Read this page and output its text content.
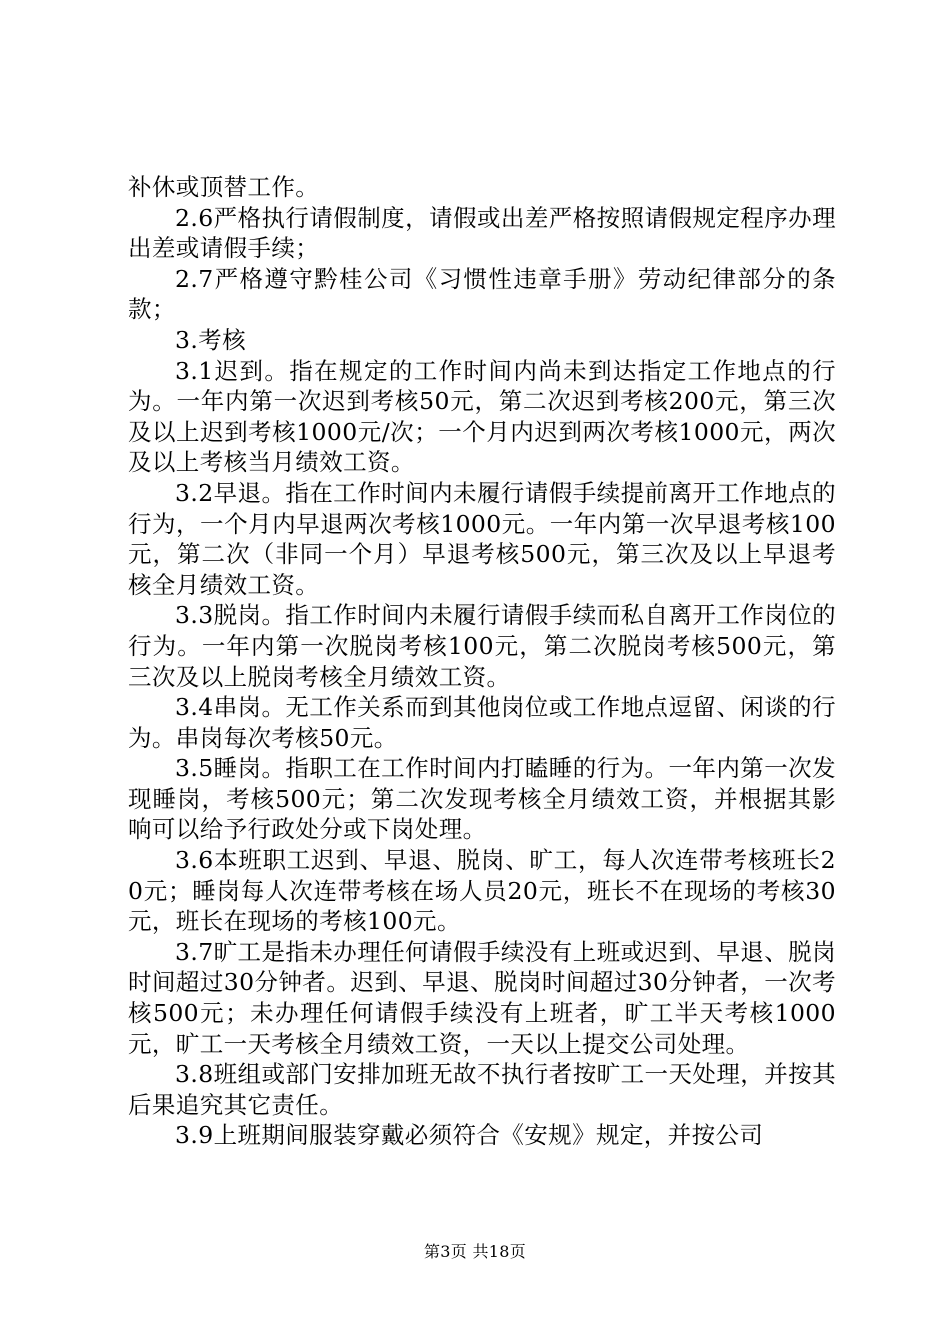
补休或顶替工作。

2.6严格执行请假制度，请假或出差严格按照请假规定程序办理出差或请假手续；

2.7严格遵守黔桂公司《习惯性违章手册》劳动纪律部分的条款；

3.考核

3.1迟到。指在规定的工作时间内尚未到达指定工作地点的行为。一年内第一次迟到考核50元，第二次迟到考核200元，第三次及以上迟到考核1000元/次；一个月内迟到两次考核1000元，两次及以上考核当月绩效工资。

3.2早退。指在工作时间内未履行请假手续提前离开工作地点的行为，一个月内早退两次考核1000元。一年内第一次早退考核100元，第二次（非同一个月）早退考核500元，第三次及以上早退考核全月绩效工资。

3.3脱岗。指工作时间内未履行请假手续而私自离开工作岗位的行为。一年内第一次脱岗考核100元，第二次脱岗考核500元，第三次及以上脱岗考核全月绩效工资。

3.4串岗。无工作关系而到其他岗位或工作地点逗留、闲谈的行为。串岗每次考核50元。

3.5睡岗。指职工在工作时间内打瞌睡的行为。一年内第一次发现睡岗，考核500元；第二次发现考核全月绩效工资，并根据其影响可以给予行政处分或下岗处理。

3.6本班职工迟到、早退、脱岗、旷工，每人次连带考核班长20元；睡岗每人次连带考核在场人员20元，班长不在现场的考核30元，班长在现场的考核100元。

3.7旷工是指未办理任何请假手续没有上班或迟到、早退、脱岗时间超过30分钟者。迟到、早退、脱岗时间超过30分钟者，一次考核500元；未办理任何请假手续没有上班者，旷工半天考核1000元，旷工一天考核全月绩效工资，一天以上提交公司处理。

3.8班组或部门安排加班无故不执行者按旷工一天处理，并按其后果追究其它责任。

3.9上班期间服装穿戴必须符合《安规》规定，并按公司

第3页 共18页
